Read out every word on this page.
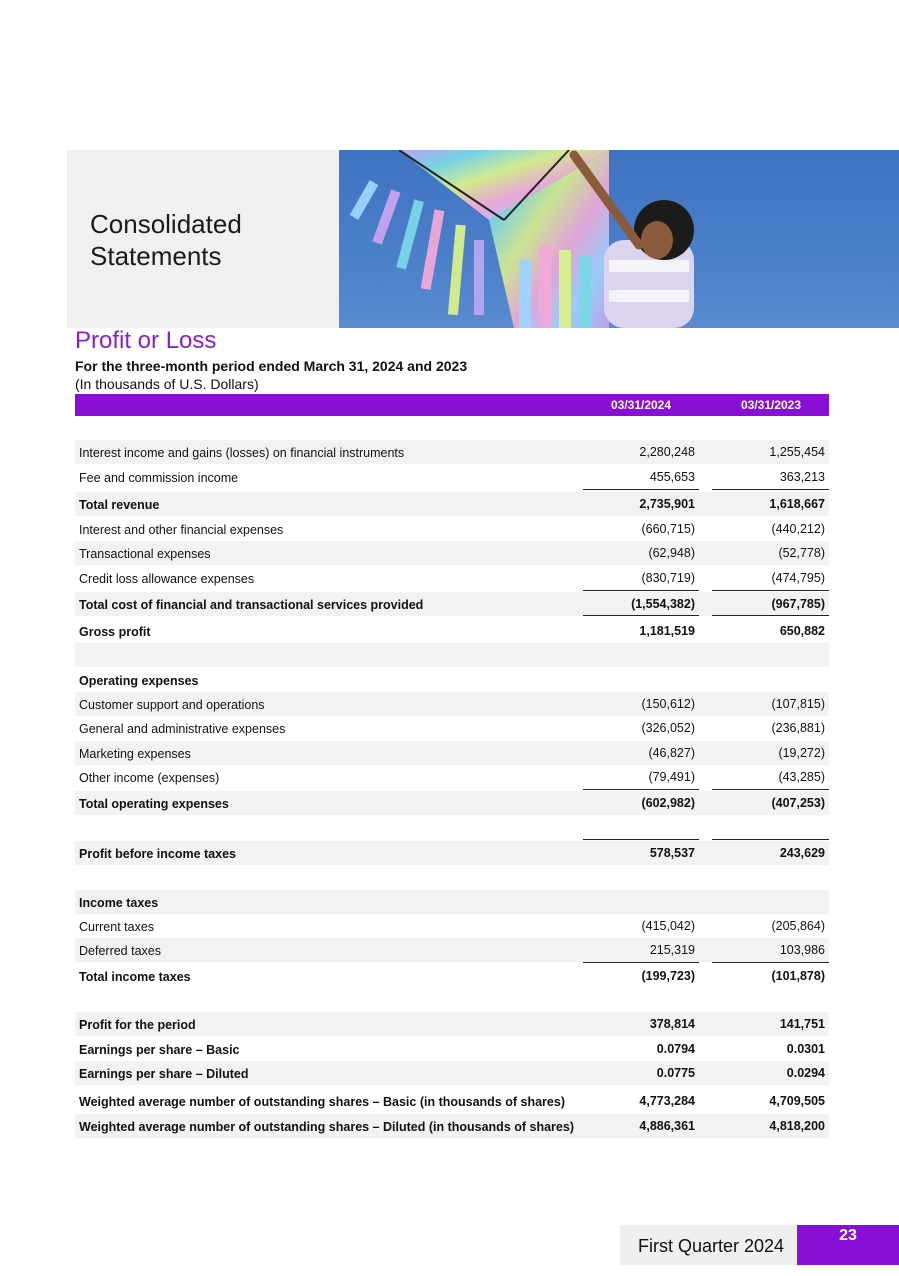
Consolidated
Statements
Profit or Loss
For the three-month period ended March 31, 2024 and 2023
(In thousands of U.S. Dollars)
03/31/2024	03/31/2023
Interest income and gains (losses) on financial instruments	2,280,248	1,255,454
Fee and commission income	455,653	363,213
Total revenue	2,735,901	1,618,667
Interest and other financial expenses	(660,715)	(440,212)
Transactional expenses	(62,948)	(52,778)
Credit loss allowance expenses	(830,719)	(474,795)
Total cost of financial and transactional services provided	(1,554,382)	(967,785)
Gross profit	1,181,519	650,882
Operating expenses
Customer support and operations	(150,612)	(107,815)
General and administrative expenses	(326,052)	(236,881)
Marketing expenses	(46,827)	(19,272)
Other income (expenses)	(79,491)	(43,285)
Total operating expenses	(602,982)	(407,253)
Profit before income taxes	578,537	243,629
Income taxes
Current taxes	(415,042)	(205,864)
Deferred taxes	215,319	103,986
Total income taxes	(199,723)	(101,878)
Profit for the period	378,814	141,751
Earnings per share – Basic	0.0794	0.0301
Earnings per share – Diluted	0.0775	0.0294
Weighted average number of outstanding shares – Basic (in thousands of shares)	4,773,284	4,709,505
Weighted average number of outstanding shares – Diluted (in thousands of shares)	4,886,361	4,818,200
First Quarter 2024
23
